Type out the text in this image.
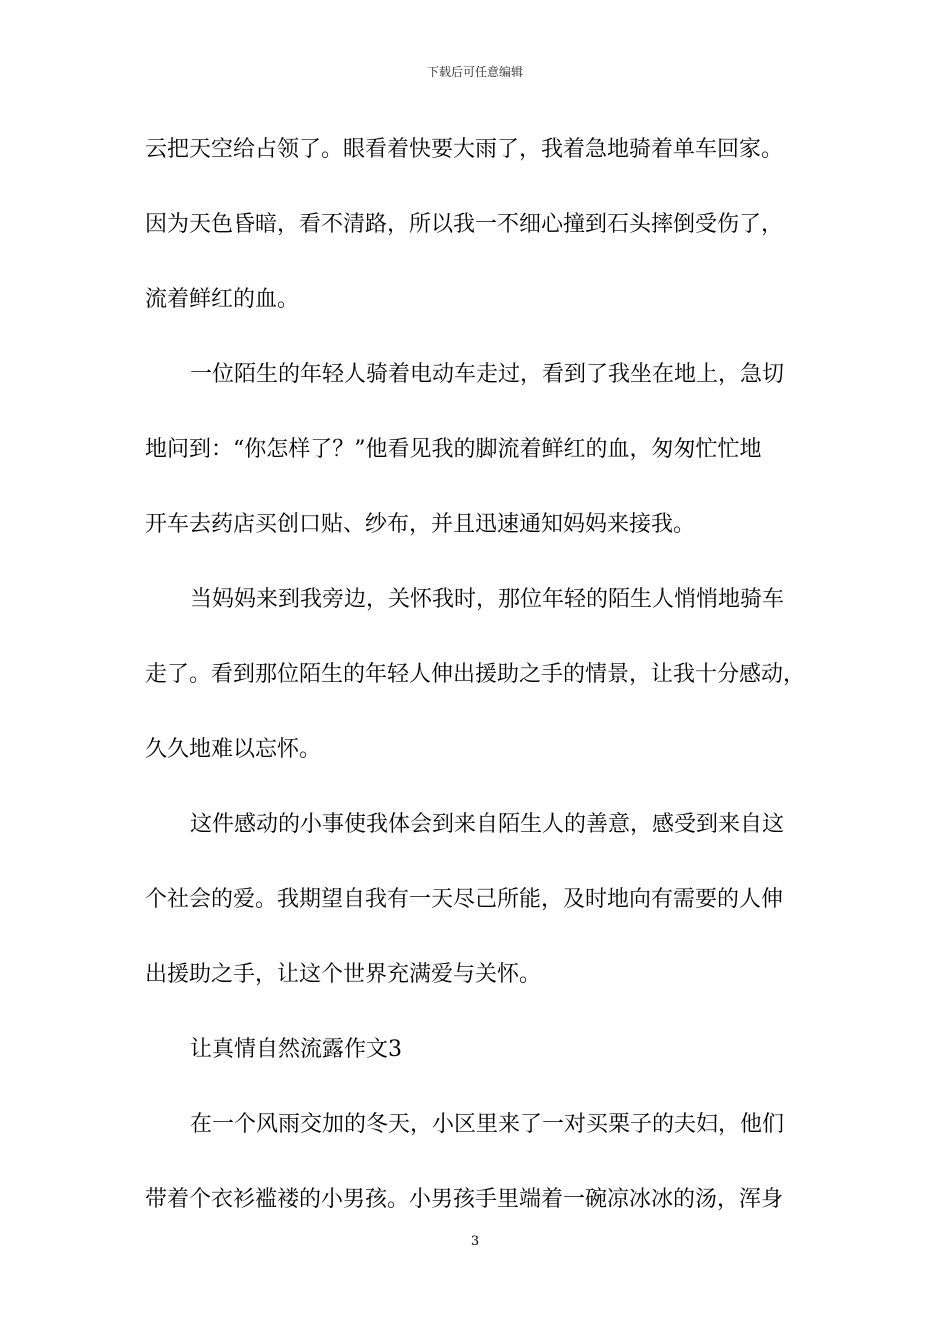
下载后可任意编辑
云把天空给占领了。眼看着快要大雨了，我着急地骑着单车回家。
因为天色昏暗，看不清路，所以我一不细心撞到石头摔倒受伤了，
流着鲜红的血。
一位陌生的年轻人骑着电动车走过，看到了我坐在地上，急切
地问到：“你怎样了？”他看见我的脚流着鲜红的血，匆匆忙忙地
开车去药店买创口贴、纱布，并且迅速通知妈妈来接我。
当妈妈来到我旁边，关怀我时，那位年轻的陌生人悄悄地骑车
走了。看到那位陌生的年轻人伸出援助之手的情景，让我十分感动，
久久地难以忘怀。
这件感动的小事使我体会到来自陌生人的善意，感受到来自这
个社会的爱。我期望自我有一天尽己所能，及时地向有需要的人伸
出援助之手，让这个世界充满爱与关怀。
让真情自然流露作文3
在一个风雨交加的冬天，小区里来了一对买栗子的夫妇，他们
带着个衣衫褴褛的小男孩。小男孩手里端着一碗凉冰冰的汤，浑身
3
